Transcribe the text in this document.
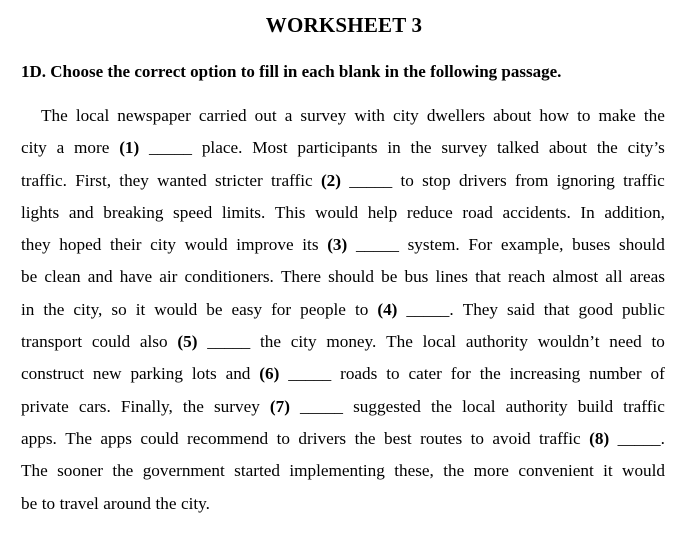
WORKSHEET 3
1D. Choose the correct option to fill in each blank in the following passage.
The local newspaper carried out a survey with city dwellers about how to make the
city a more (1) _____ place. Most participants in the survey talked about the city’s
traffic. First, they wanted stricter traffic (2) _____ to stop drivers from ignoring traffic
lights and breaking speed limits. This would help reduce road accidents. In addition,
they hoped their city would improve its (3) _____ system. For example, buses should
be clean and have air conditioners. There should be bus lines that reach almost all areas
in the city, so it would be easy for people to (4) _____. They said that good public
transport could also (5) _____ the city money. The local authority wouldn’t need to
construct new parking lots and (6) _____ roads to cater for the increasing number of
private cars. Finally, the survey (7) _____ suggested the local authority build traffic
apps. The apps could recommend to drivers the best routes to avoid traffic (8) _____.
The sooner the government started implementing these, the more convenient it would
be to travel around the city.
